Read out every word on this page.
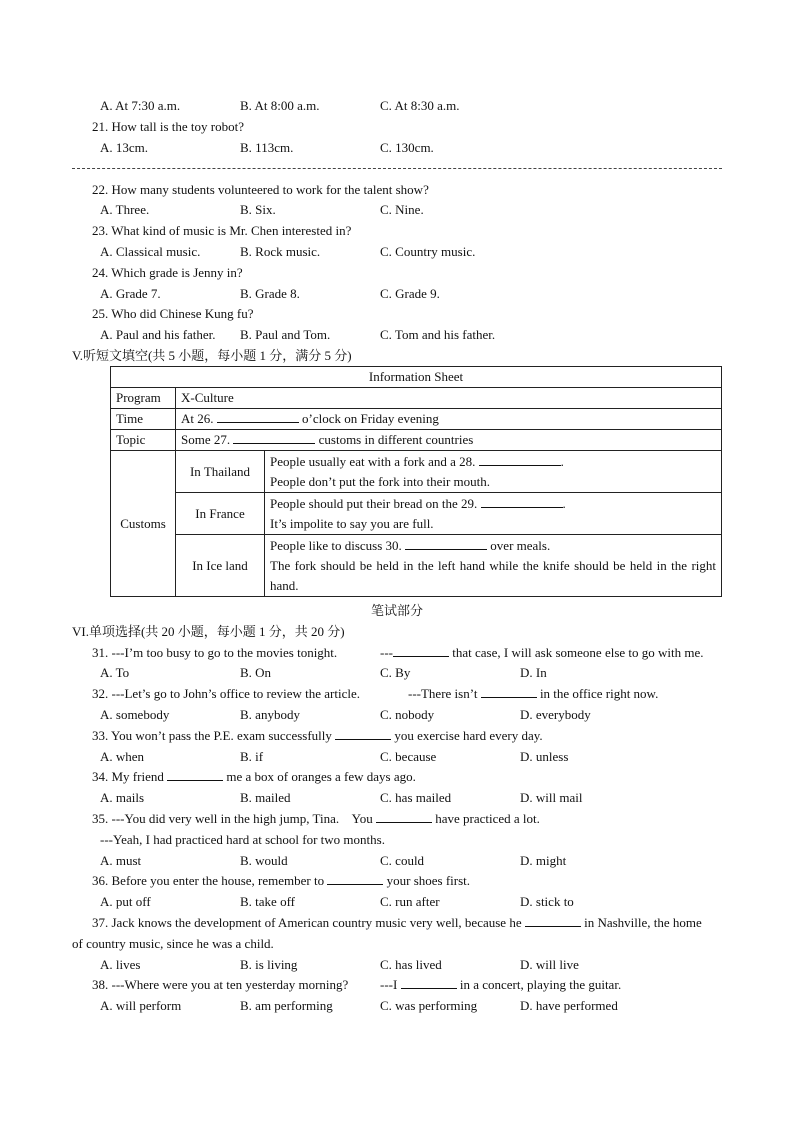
A. At 7:30 a.m.	B. At 8:00 a.m.	C. At 8:30 a.m.
21. How tall is the toy robot?
A. 13cm.	B. 113cm.	C. 130cm.
22. How many students volunteered to work for the talent show?
A. Three.	B. Six.	C. Nine.
23. What kind of music is Mr. Chen interested in?
A. Classical music.	B. Rock music.	C. Country music.
24. Which grade is Jenny in?
A. Grade 7.	B. Grade 8.	C. Grade 9.
25. Who did Chinese Kung fu?
A. Paul and his father. B. Paul and Tom.	C. Tom and his father.
V.听短文填空(共 5 小题，每小题 1 分，满分 5 分)
Information Sheet		
Program	X-Culture	
Time	At 26. o’clock on Friday evening	
Topic	Some 27. customs in different countries	
Customs	In Thailand	People usually eat with a fork and a 28. .
People don’t put the fork into their mouth.

	In France	People should put their bread on the 29. .
It’s impolite to say you are full.

	In Ice land	People like to discuss 30. over meals.
The fork should be held in the left hand while the knife should be held in the right hand.
笔试部分
VI.单项选择(共 20 小题，每小题 1 分，共 20 分)
31. ---I’m too busy to go to the movies tonight.	---	that case, I will ask someone else to go with me.
A. To	B. On	C. By	D. In
32. ---Let’s go to John’s office to review the article.	---There isn’t	in the office right now.
A. somebody	B. anybody	C. nobody	D. everybody
33. You won’t pass the P.E. exam successfully	you exercise hard every day.
A. when	B. if	C. because	D. unless
34. My friend	me a box of oranges a few days ago.
A. mails	B. mailed	C. has mailed	D. will mail
35. ---You did very well in the high jump, Tina.    You	have practiced a lot.
---Yeah, I had practiced hard at school for two months.
A. must	B. would	C. could	D. might
36. Before you enter the house, remember to	your shoes first.
A. put off	B. take off	C. run after	D. stick to
37. Jack knows the development of American country music very well, because he	in Nashville, the home
of country music, since he was a child.
A. lives	B. is living	C. has lived	D. will live
38. ---Where were you at ten yesterday morning? ---I	in a concert, playing the guitar.
A. will perform	B. am performing	C. was performing	D. have performed
